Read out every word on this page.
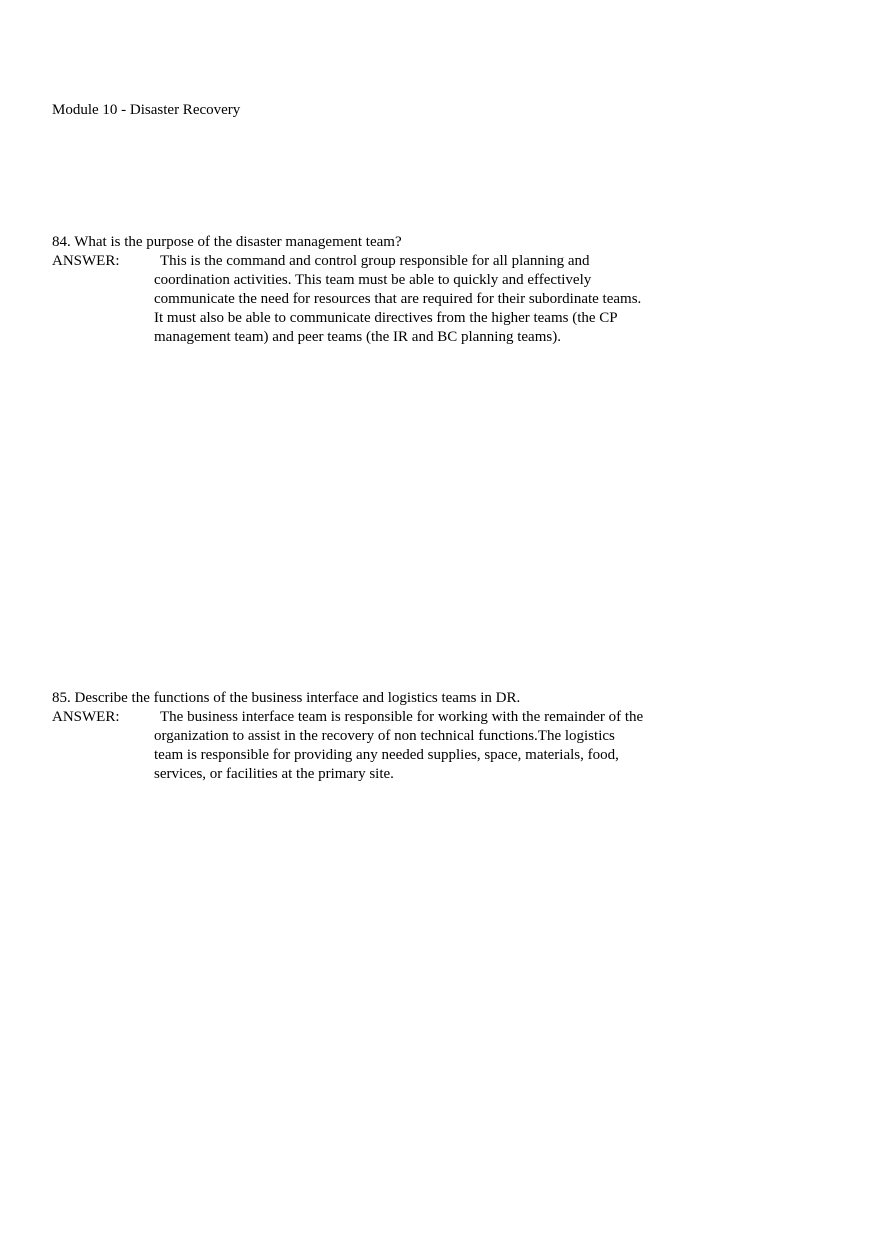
Module 10 - Disaster Recovery
84. What is the purpose of the disaster management team?
ANSWER:	This is the command and control group responsible for all planning and
coordination activities. This team must be able to quickly and effectively
communicate the need for resources that are required for their subordinate teams.
It must also be able to communicate directives from the higher teams (the CP
management team) and peer teams (the IR and BC planning teams).
85. Describe the functions of the business interface and logistics teams in DR.
ANSWER:	The business interface team is responsible for working with the remainder of the
organization to assist in the recovery of non technical functions.The logistics
team is responsible for providing any needed supplies, space, materials, food,
services, or facilities at the primary site.
